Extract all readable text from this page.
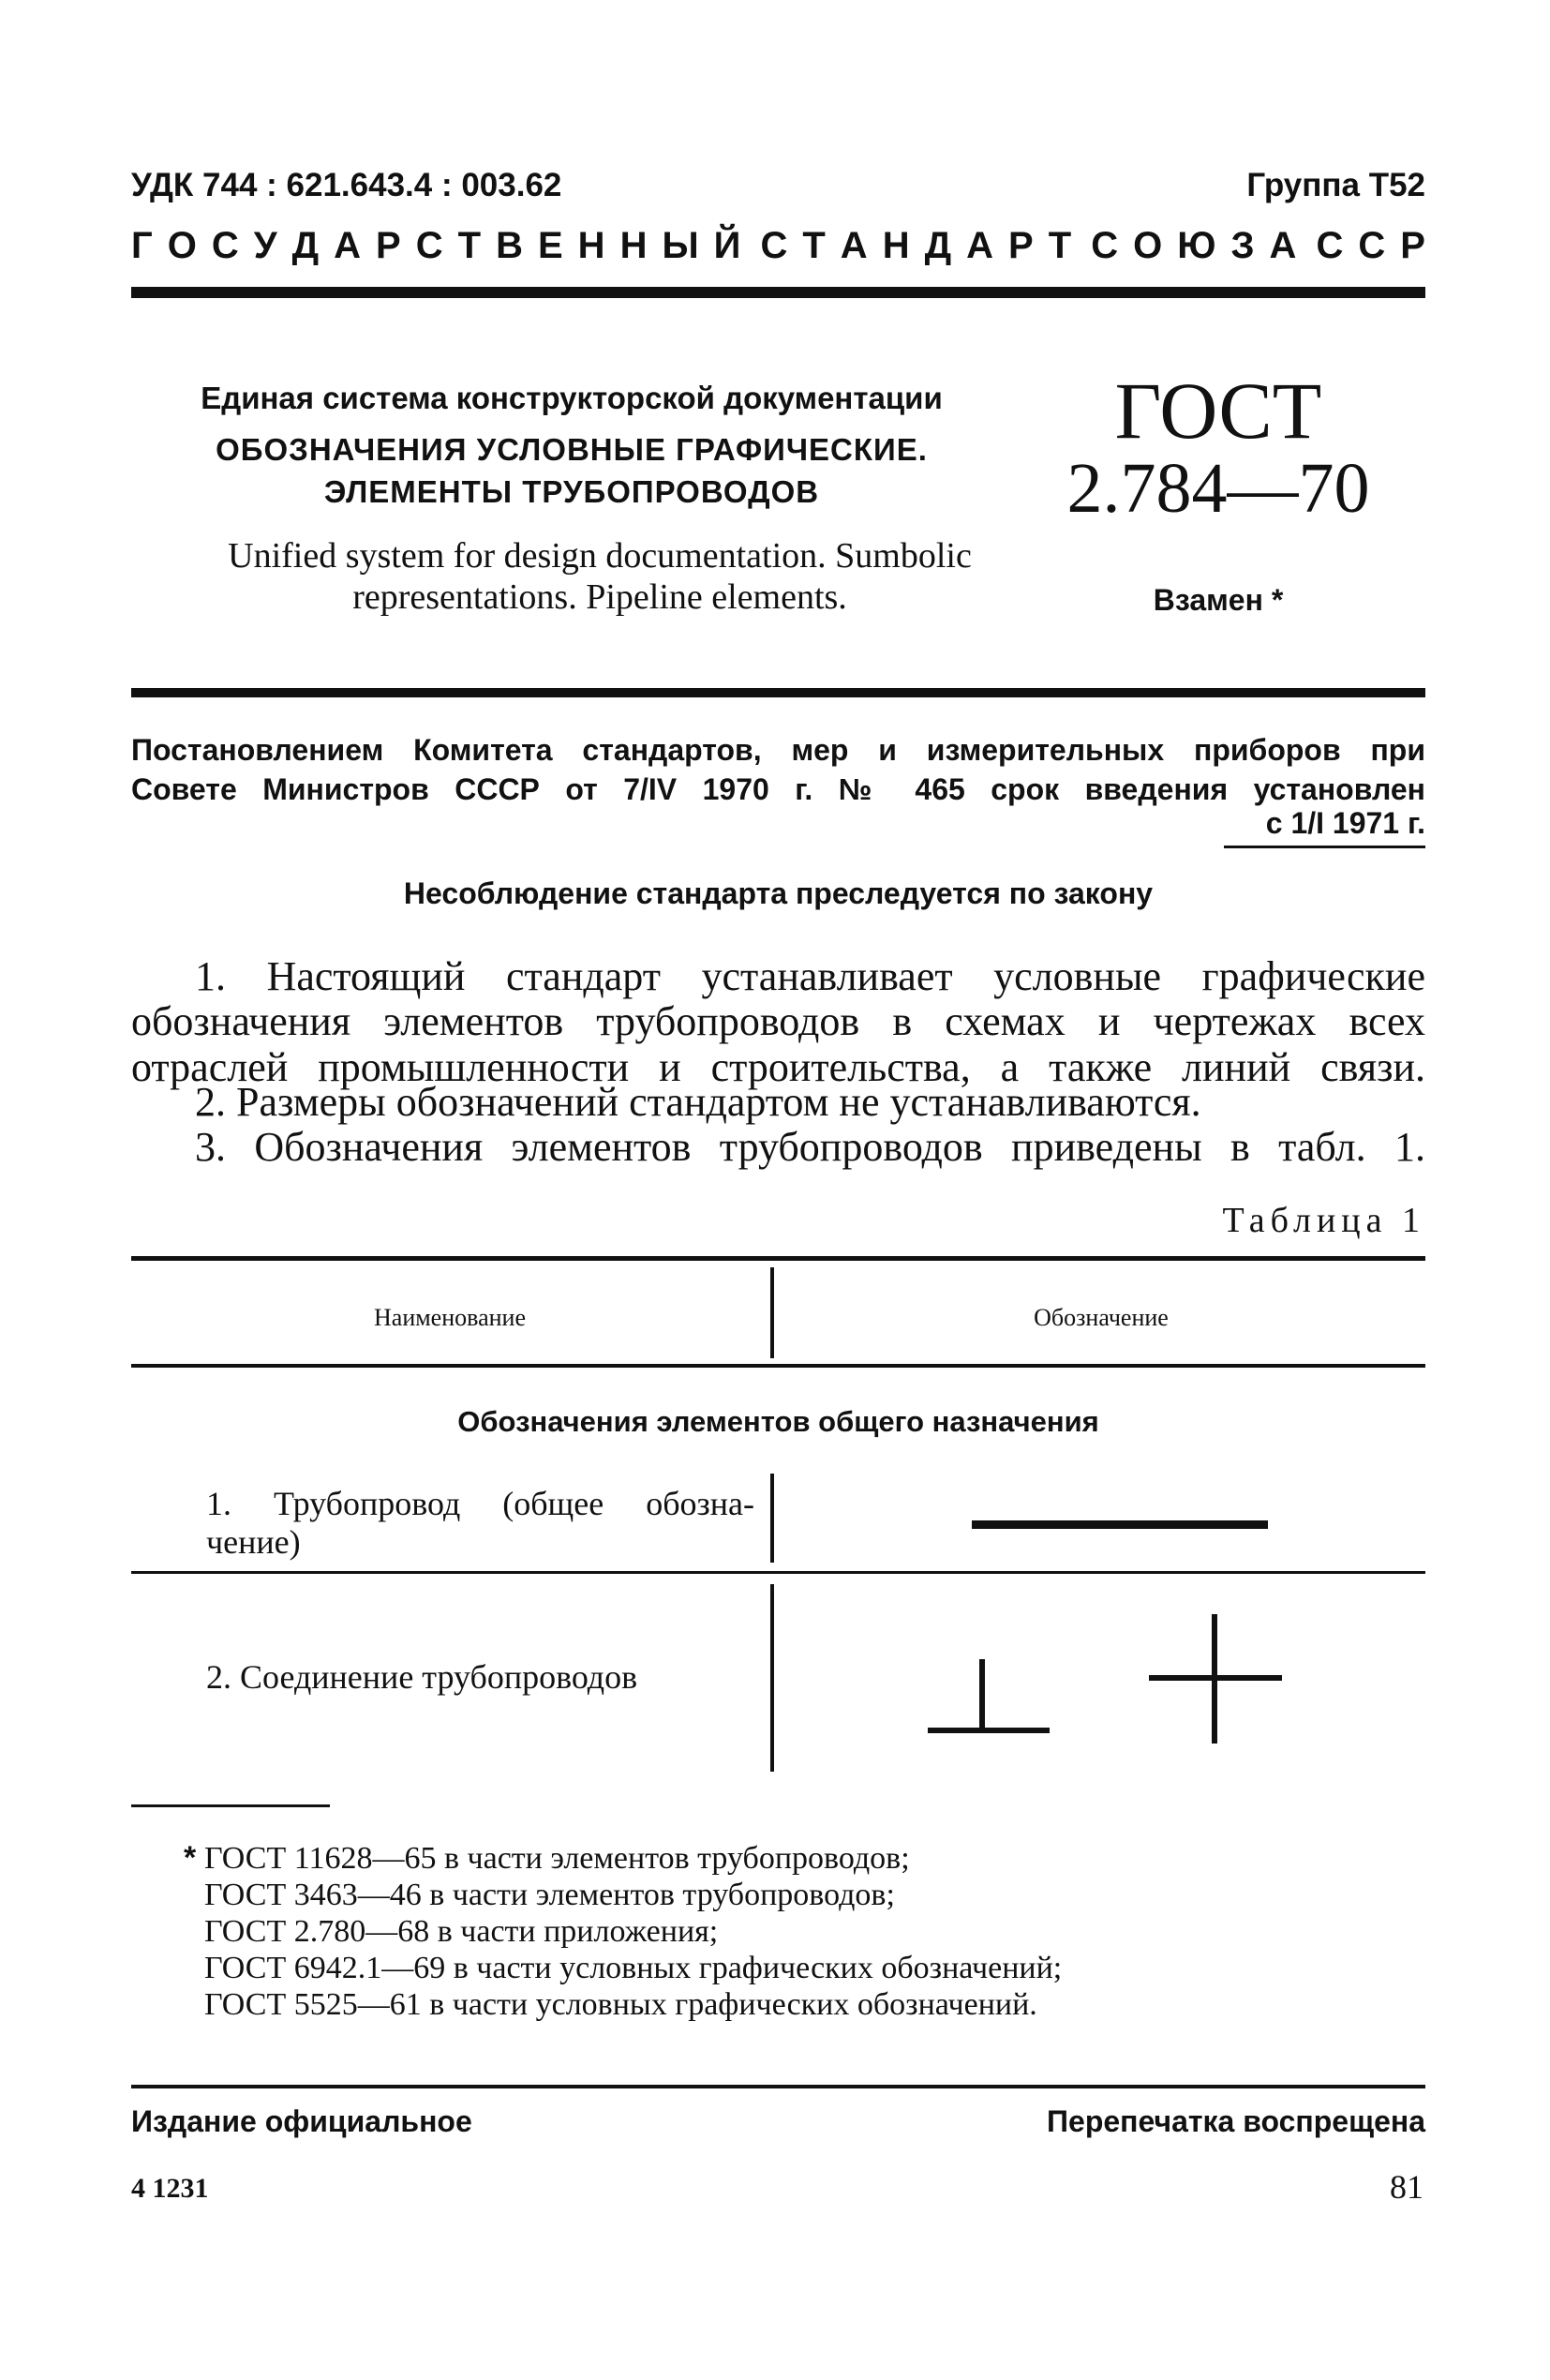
УДК 744 : 621.643.4 : 003.62	Группа Т52
Г  О  С  У  Д  А  Р  С  Т  В  Е  Н  Н  Ы  Й С  Т  А  Н  Д  А  Р  Т С  О  Ю  З  А С  С  Р
Единая система конструкторской документации
ОБОЗНАЧЕНИЯ УСЛОВНЫЕ ГРАФИЧЕСКИЕ.
ЭЛЕМЕНТЫ ТРУБОПРОВОДОВ
Unified system for design documentation. Sumbolic
representations. Pipeline elements.
ГОСТ
2.784—70
Взамен *
Постановлением Комитета стандартов, мер и измерительных приборов при
Совете Министров СССР от 7/IV 1970 г. № 465 срок введения установлен
с 1/I 1971 г.
Несоблюдение стандарта преследуется по закону
1. Настоящий стандарт устанавливает условные графические
обозначения элементов трубопроводов в схемах и чертежах всех
отраслей промышленности и строительства, а также линий связи.
2. Размеры обозначений стандартом не устанавливаются.
3. Обозначения элементов трубопроводов приведены в табл. 1.
Таблица 1
Наименование	Обозначение
Обозначения элементов общего назначения
1. Трубопровод (общее обозна-
чение)
2. Соединение трубопроводов
* ГОСТ 11628—65 в части элементов трубопроводов;
ГОСТ 3463—46 в части элементов трубопроводов;
ГОСТ 2.780—68 в части приложения;
ГОСТ 6942.1—69 в части условных графических обозначений;
ГОСТ 5525—61 в части условных графических обозначений.
Издание официальное	Перепечатка воспрещена
4 1231	81
